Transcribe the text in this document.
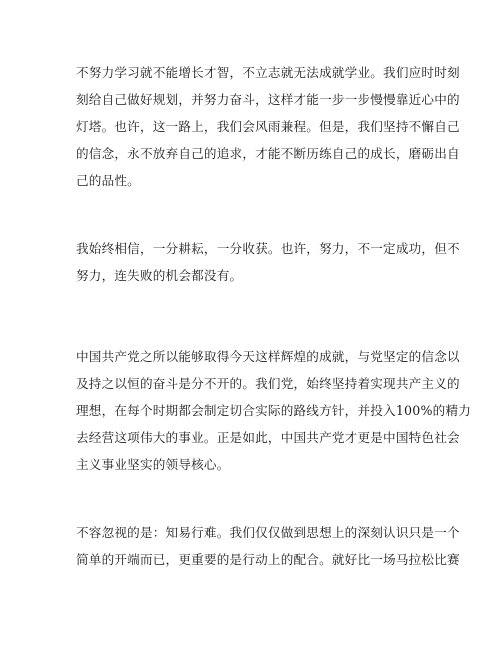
不努力学习就不能增长才智，不立志就无法成就学业。我们应时时刻
刻给自己做好规划，并努力奋斗，这样才能一步一步慢慢靠近心中的
灯塔。也许，这一路上，我们会风雨兼程。但是，我们坚持不懈自己
的信念，永不放弃自己的追求，才能不断历练自己的成长，磨砺出自
己的品性。

我始终相信，一分耕耘，一分收获。也许，努力，不一定成功，但不
努力，连失败的机会都没有。

中国共产党之所以能够取得今天这样辉煌的成就，与党坚定的信念以
及持之以恒的奋斗是分不开的。我们党，始终坚持着实现共产主义的
理想，在每个时期都会制定切合实际的路线方针，并投入100%的精力
去经营这项伟大的事业。正是如此，中国共产党才更是中国特色社会
主义事业坚实的领导核心。

不容忽视的是：知易行难。我们仅仅做到思想上的深刻认识只是一个
简单的开端而已，更重要的是行动上的配合。就好比一场马拉松比赛
